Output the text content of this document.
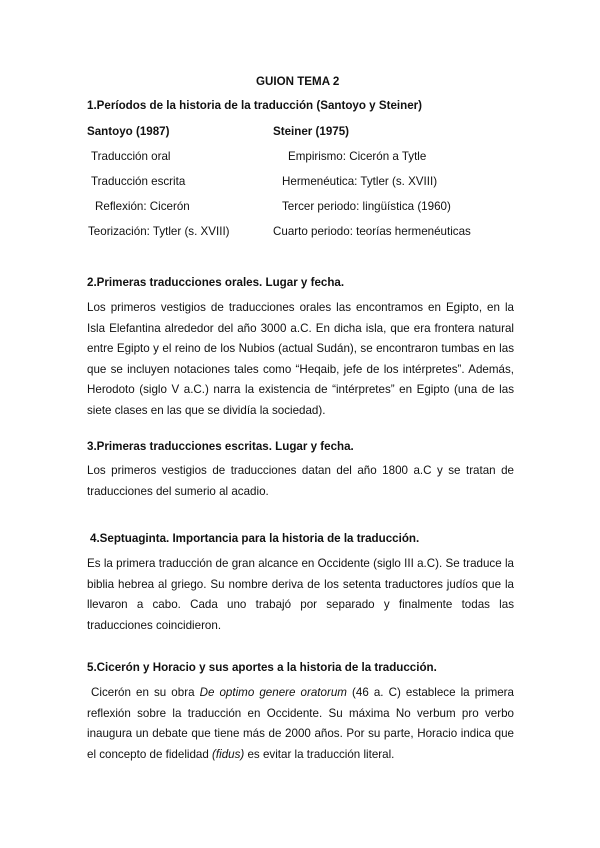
GUION TEMA 2
1.Períodos de la historia de la traducción (Santoyo y Steiner)
Santoyo (1987)	Steiner (1975)
Traducción oral
Traducción escrita
Reflexión: Cicerón
Teorización: Tytler (s. XVIII)
Empirismo: Cicerón a Tytle
Hermenéutica: Tytler (s. XVIII)
Tercer periodo: lingüística (1960)
Cuarto periodo: teorías hermenéuticas
2.Primeras traducciones orales. Lugar y fecha.
Los primeros vestigios de traducciones orales las encontramos en Egipto, en la Isla Elefantina alrededor del año 3000 a.C. En dicha isla, que era frontera natural entre Egipto y el reino de los Nubios (actual Sudán), se encontraron tumbas en las que se incluyen notaciones tales como “Heqaib, jefe de los intérpretes”. Además, Herodoto (siglo V a.C.) narra la existencia de “intérpretes” en Egipto (una de las siete clases en las que se dividía la sociedad).
3.Primeras traducciones escritas. Lugar y fecha.
Los primeros vestigios de traducciones datan del año 1800 a.C y se tratan de traducciones del sumerio al acadio.
4.Septuaginta. Importancia para la historia de la traducción.
Es la primera traducción de gran alcance en Occidente (siglo III a.C). Se traduce la biblia hebrea al griego. Su nombre deriva de los setenta traductores judíos que la llevaron a cabo. Cada uno trabajó por separado y finalmente todas las traducciones coincidieron.
5.Cicerón y Horacio y sus aportes a la historia de la traducción.
Cicerón en su obra De optimo genere oratorum (46 a. C) establece la primera reflexión sobre la traducción en Occidente. Su máxima No verbum pro verbo inaugura un debate que tiene más de 2000 años. Por su parte, Horacio indica que el concepto de fidelidad (fidus) es evitar la traducción literal.
